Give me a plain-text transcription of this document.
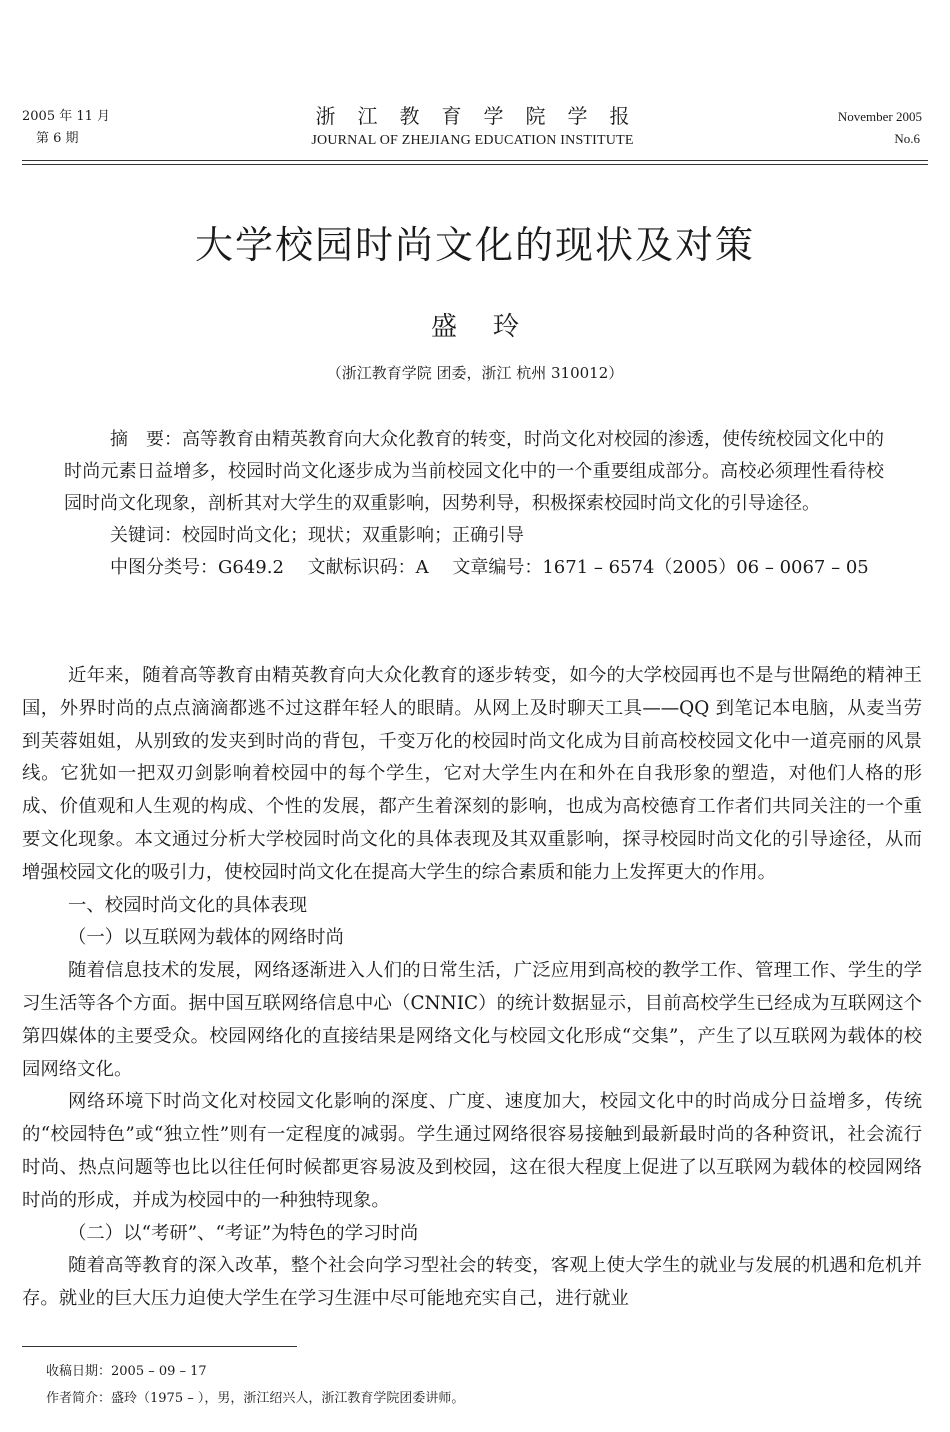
2005 年 11 月
第 6 期
浙江教育学院学报
JOURNAL OF ZHEJIANG EDUCATION INSTITUTE
November 2005
No.6
大学校园时尚文化的现状及对策
盛玲
（浙江教育学院 团委，浙江 杭州 310012）
摘　要：高等教育由精英教育向大众化教育的转变，时尚文化对校园的渗透，使传统校园文化中的时尚元素日益增多，校园时尚文化逐步成为当前校园文化中的一个重要组成部分。高校必须理性看待校园时尚文化现象，剖析其对大学生的双重影响，因势利导，积极探索校园时尚文化的引导途径。
关键词：校园时尚文化；现状；双重影响；正确引导
中图分类号：G649.2　 文献标识码：A　 文章编号：1671 – 6574（2005）06 – 0067 – 05

近年来，随着高等教育由精英教育向大众化教育的逐步转变，如今的大学校园再也不是与世隔绝的精神王国，外界时尚的点点滴滴都逃不过这群年轻人的眼睛。从网上及时聊天工具——QQ 到笔记本电脑，从麦当劳到芙蓉姐姐，从别致的发夹到时尚的背包，千变万化的校园时尚文化成为目前高校校园文化中一道亮丽的风景线。它犹如一把双刃剑影响着校园中的每个学生，它对大学生内在和外在自我形象的塑造，对他们人格的形成、价值观和人生观的构成、个性的发展，都产生着深刻的影响，也成为高校德育工作者们共同关注的一个重要文化现象。本文通过分析大学校园时尚文化的具体表现及其双重影响，探寻校园时尚文化的引导途径，从而增强校园文化的吸引力，使校园时尚文化在提高大学生的综合素质和能力上发挥更大的作用。

一、校园时尚文化的具体表现

（一）以互联网为载体的网络时尚

随着信息技术的发展，网络逐渐进入人们的日常生活，广泛应用到高校的教学工作、管理工作、学生的学习生活等各个方面。据中国互联网络信息中心（CNNIC）的统计数据显示，目前高校学生已经成为互联网这个第四媒体的主要受众。校园网络化的直接结果是网络文化与校园文化形成“交集”，产生了以互联网为载体的校园网络文化。

网络环境下时尚文化对校园文化影响的深度、广度、速度加大，校园文化中的时尚成分日益增多，传统的“校园特色”或“独立性”则有一定程度的减弱。学生通过网络很容易接触到最新最时尚的各种资讯，社会流行时尚、热点问题等也比以往任何时候都更容易波及到校园，这在很大程度上促进了以互联网为载体的校园网络时尚的形成，并成为校园中的一种独特现象。

（二）以“考研”、“考证”为特色的学习时尚

随着高等教育的深入改革，整个社会向学习型社会的转变，客观上使大学生的就业与发展的机遇和危机并存。就业的巨大压力迫使大学生在学习生涯中尽可能地充实自己，进行就业

收稿日期：2005 – 09 – 17
作者简介：盛玲（1975 – ），男，浙江绍兴人，浙江教育学院团委讲师。
